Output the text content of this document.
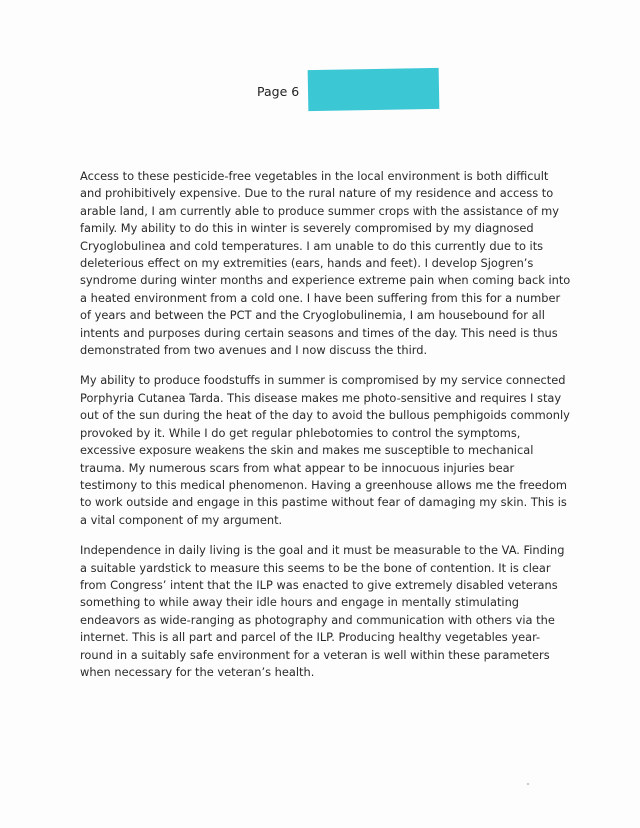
Page 6

Access to these pesticide-free vegetables in the local environment is both difficult and prohibitively expensive. Due to the rural nature of my residence and access to arable land, I am currently able to produce summer crops with the assistance of my family. My ability to do this in winter is severely compromised by my diagnosed Cryoglobulinea and cold temperatures. I am unable to do this currently due to its deleterious effect on my extremities (ears, hands and feet). I develop Sjogren’s syndrome during winter months and experience extreme pain when coming back into a heated environment from a cold one. I have been suffering from this for a number of years and between the PCT and the Cryoglobulinemia, I am housebound for all intents and purposes during certain seasons and times of the day. This need is thus demonstrated from two avenues and I now discuss the third.

My ability to produce foodstuffs in summer is compromised by my service connected Porphyria Cutanea Tarda. This disease makes me photo-sensitive and requires I stay out of the sun during the heat of the day to avoid the bullous pemphigoids commonly provoked by it. While I do get regular phlebotomies to control the symptoms, excessive exposure weakens the skin and makes me susceptible to mechanical trauma. My numerous scars from what appear to be innocuous injuries bear testimony to this medical phenomenon. Having a greenhouse allows me the freedom to work outside and engage in this pastime without fear of damaging my skin. This is a vital component of my argument.

Independence in daily living is the goal and it must be measurable to the VA. Finding a suitable yardstick to measure this seems to be the bone of contention. It is clear from Congress’ intent that the ILP was enacted to give extremely disabled veterans something to while away their idle hours and engage in mentally stimulating endeavors as wide-ranging as photography and communication with others via the internet. This is all part and parcel of the ILP. Producing healthy vegetables year-round in a suitably safe environment for a veteran is well within these parameters when necessary for the veteran’s health.
